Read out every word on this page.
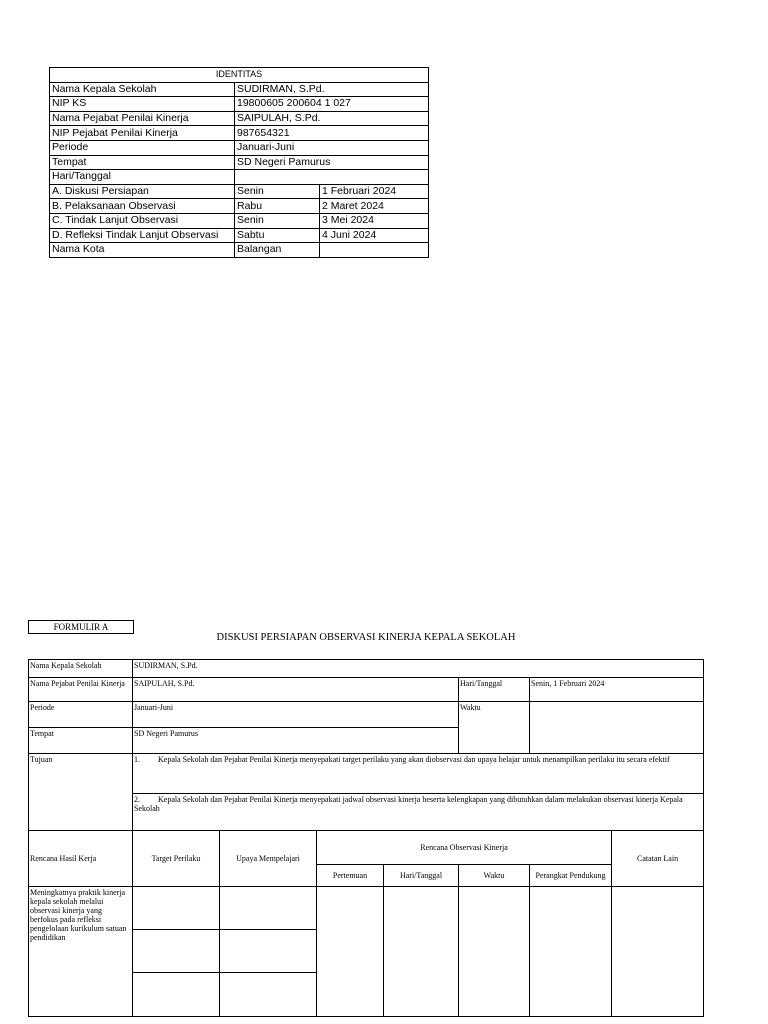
IDENTITAS		
Nama Kepala Sekolah	SUDIRMAN, S.Pd.	
NIP KS	19800605 200604 1 027	
Nama Pejabat Penilai Kinerja	SAIPULAH, S.Pd.	
NIP Pejabat Penilai Kinerja	987654321	
Periode	Januari-Juni	
Tempat	SD Negeri Pamurus	
Hari/Tanggal		
A. Diskusi Persiapan	Senin	1 Februari 2024
B. Pelaksanaan Observasi	Rabu	2 Maret 2024
C. Tindak Lanjut Observasi	Senin	3 Mei 2024
D. Refleksi Tindak Lanjut Observasi	Sabtu	4 Juni 2024
Nama Kota	Balangan	
FORMULIR A
DISKUSI PERSIAPAN OBSERVASI KINERJA KEPALA SEKOLAH
Nama Kepala Sekolah	SUDIRMAN, S.Pd.						
Nama Pejabat Penilai Kinerja	SAIPULAH, S.Pd.				Hari/Tanggal	Senin, 1 Februari 2024	
Periode	Januari-Juni				Waktu		
Tempat	SD Negeri Pamurus						
Tujuan	1. Kepala Sekolah dan Pejabat Penilai Kinerja menyepakati target perilaku yang akan diobservasi dan upaya belajar untuk menampilkan perilaku itu secara efektif						
	2. Kepala Sekolah dan Pejabat Penilai Kinerja menyepakati jadwal observasi kinerja beserta kelengkapan yang dibutuhkan dalam melakukan observasi kinerja Kepala Sekolah						
Rencana Hasil Kerja	Target Perilaku	Upaya Mempelajari	Rencana Observasi Kinerja				Catatan Lain
			Pertemuan	Hari/Tanggal	Waktu	Perangkat Pendukung	
Meningkatnya praktik kinerja kepala sekolah melalui observasi kinerja yang berfokus pada refleksi pengelolaan kurikulum satuan pendidikan							
